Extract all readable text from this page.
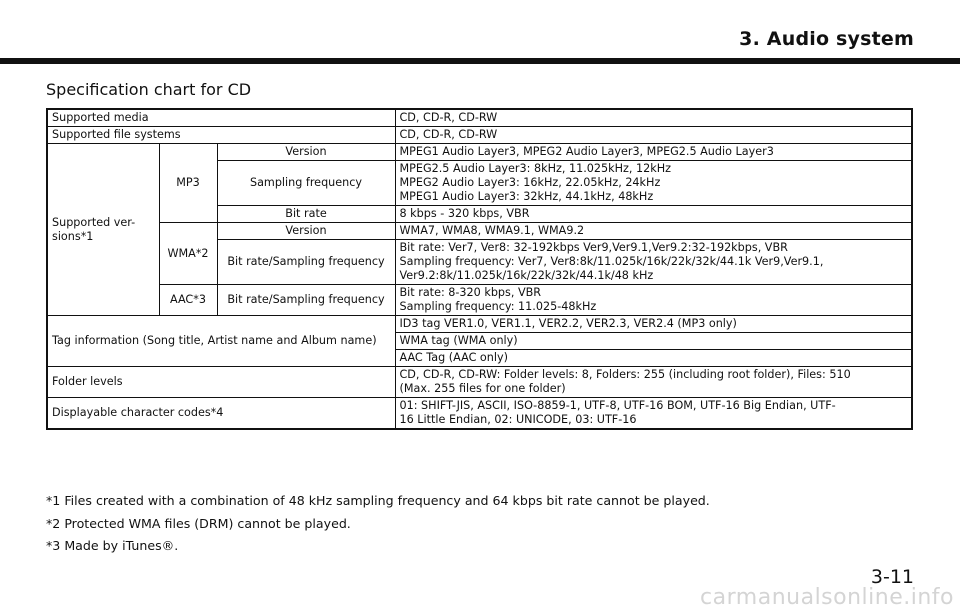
3. Audio system
Specification chart for CD
Supported media			CD, CD-R, CD-RW
Supported file systems			CD, CD-R, CD-RW

Supported ver-
sions*1	MP3	Version	MPEG1 Audio Layer3, MPEG2 Audio Layer3, MPEG2.5 Audio Layer3
		Sampling frequency	MPEG2.5 Audio Layer3: 8kHz, 11.025kHz, 12kHz
MPEG2 Audio Layer3: 16kHz, 22.05kHz, 24kHz
MPEG1 Audio Layer3: 32kHz, 44.1kHz, 48kHz

		Bit rate	8 kbps - 320 kbps, VBR
	WMA*2	Version	WMA7, WMA8, WMA9.1, WMA9.2
		Bit rate/Sampling frequency	Bit rate: Ver7, Ver8: 32-192kbps Ver9,Ver9.1,Ver9.2:32-192kbps, VBR
Sampling frequency: Ver7, Ver8:8k/11.025k/16k/22k/32k/44.1k Ver9,Ver9.1,
Ver9.2:8k/11.025k/16k/22k/32k/44.1k/48 kHz

	AAC*3	Bit rate/Sampling frequency	Bit rate: 8-320 kbps, VBR
Sampling frequency: 11.025-48kHz

Tag information (Song title, Artist name and Album name)			ID3 tag VER1.0, VER1.1, VER2.2, VER2.3, VER2.4 (MP3 only)
			WMA tag (WMA only)
			AAC Tag (AAC only)
Folder levels			CD, CD-R, CD-RW: Folder levels: 8, Folders: 255 (including root folder), Files: 510
(Max. 255 files for one folder)

Displayable character codes*4			01: SHIFT-JIS, ASCII, ISO-8859-1, UTF-8, UTF-16 BOM, UTF-16 Big Endian, UTF-
16 Little Endian, 02: UNICODE, 03: UTF-16
*1 Files created with a combination of 48 kHz sampling frequency and 64 kbps bit rate cannot be played.
*2 Protected WMA files (DRM) cannot be played.
*3 Made by iTunes®.
3-11
carmanualsonline.info
